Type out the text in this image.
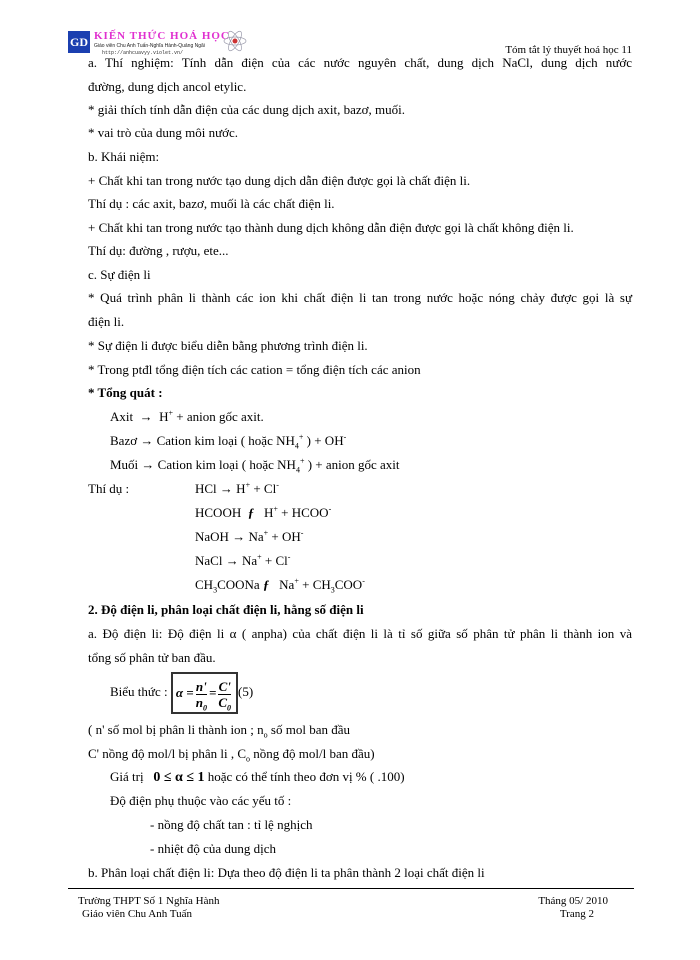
GD KIẾN THỨC HOÁ HỌC
Giáo viên Chu Anh Tuấn-Nghĩa Hành-Quảng Ngãi
http://anhcuavyy.violet.vn/	Tóm tắt lý thuyết hoá học 11
a. Thí nghiệm: Tính dẫn điện của các nước nguyên chất, dung dịch NaCl, dung dịch nước
đường, dung dịch ancol etylic.
* giải thích tính dẫn điện của các dung dịch axit, bazơ, muối.
* vai trò của dung môi nước.
b. Khái niệm:
+ Chất khi tan trong nước tạo dung dịch dẫn điện được gọi là chất điện li.
Thí dụ : các axit, bazơ, muối là các chất điện li.
+ Chất khi tan trong nước tạo thành dung dịch không dẫn điện được gọi là chất không điện li.
Thí dụ: đường , rượu, ete...
c. Sự điện li
* Quá trình phân li thành các ion khi chất điện li tan trong nước hoặc nóng chảy được gọi là sự
điện li.
* Sự điện li được biểu diễn bằng phương trình điện li.
* Trong ptđl tổng điện tích các cation = tổng điện tích các anion
* Tổng quát :
Axit → H+ + anion gốc axit.
Bazơ → Cation kim loại ( hoặc $NH_4^+$ ) + OH-
Muối → Cation kim loại ( hoặc $NH_4^+$ ) + anion gốc axit
Thí dụ :	HCl → H+ + Cl-
HCOOH ƒ H+ + HCOO-
NaOH → Na+ + OH-
NaCl → Na+ + Cl-
$CH_3COONa$ ƒ $Na^+ + CH_3COO^-$
2. Độ điện li, phân loại chất điện li, hằng số điện li
a. Độ điện li: Độ điện li α ( anpha) của chất điện li là tỉ số giữa số phân tử phân li thành ion và
tổng số phân tử ban đầu.
Biểu thức : $\alpha = \frac{n'}{n_0} = \frac{C'}{C_0} (5)$
( n' số mol bị phân li thành ion ; $n_o$ số mol ban đầu
C' nồng độ mol/l bị phân li , $C_o$ nồng độ mol/l ban đầu)
Giá trị 0 ≤ α ≤ 1 hoặc có thể tính theo đơn vị % ( .100)
Độ điện phụ thuộc vào các yếu tố :
- nồng độ chất tan : tỉ lệ nghịch
- nhiệt độ của dung dịch
b. Phân loại chất điện li: Dựa theo độ điện li ta phân thành 2 loại chất điện li
Trường THPT Số 1 Nghĩa Hành
Giáo viên Chu Anh Tuấn
Tháng 05/ 2010
Trang 2
